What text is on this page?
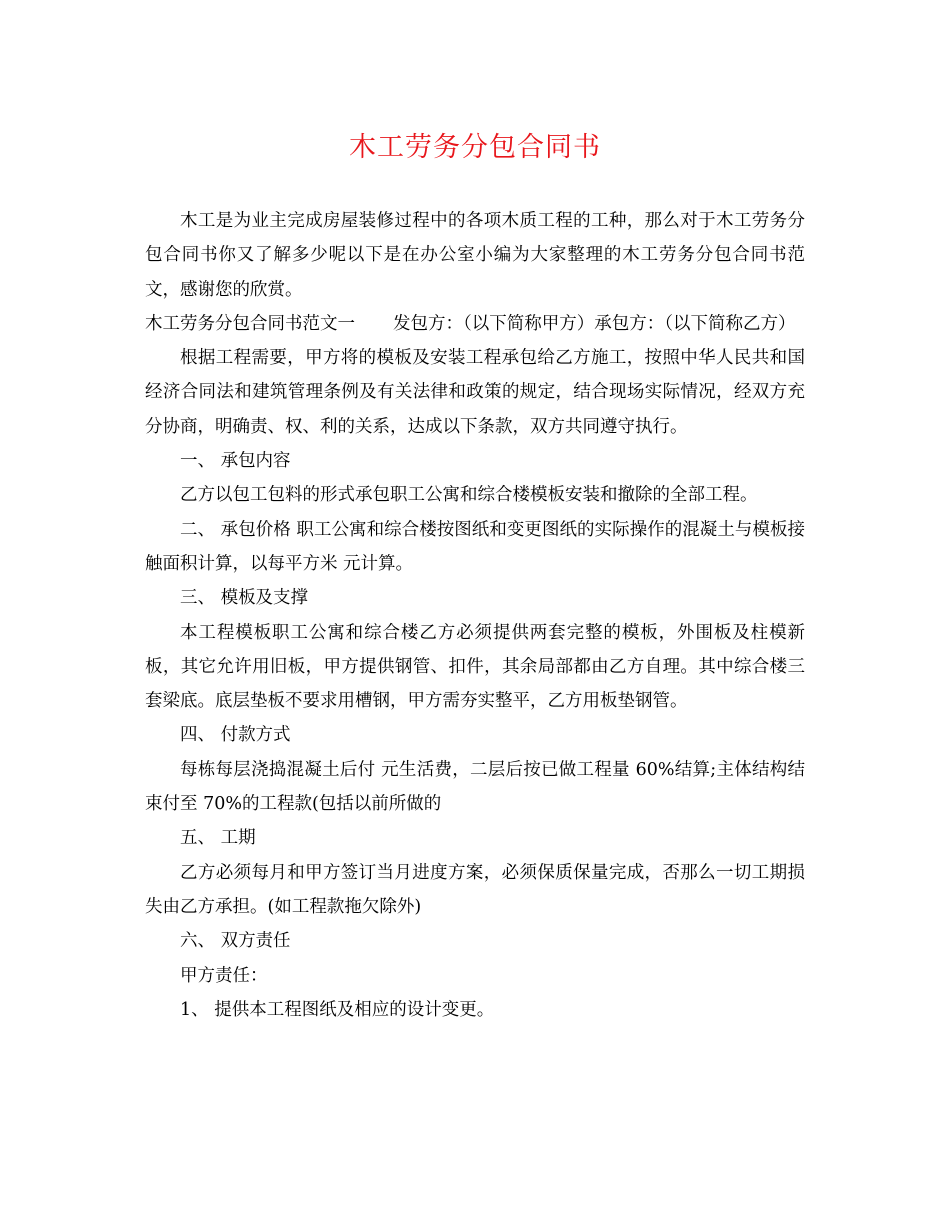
木工劳务分包合同书

木工是为业主完成房屋装修过程中的各项木质工程的工种，那么对于木工劳务分包合同书你又了解多少呢以下是在办公室小编为大家整理的木工劳务分包合同书范文，感谢您的欣赏。

木工劳务分包合同书范文一 发包方：（以下简称甲方）承包方：（以下简称乙方）

根据工程需要，甲方将的模板及安装工程承包给乙方施工，按照中华人民共和国经济合同法和建筑管理条例及有关法律和政策的规定，结合现场实际情况，经双方充分协商，明确责、权、利的关系，达成以下条款，双方共同遵守执行。

一、 承包内容

乙方以包工包料的形式承包职工公寓和综合楼模板安装和撤除的全部工程。

二、 承包价格 职工公寓和综合楼按图纸和变更图纸的实际操作的混凝土与模板接触面积计算，以每平方米 元计算。

三、 模板及支撑

本工程模板职工公寓和综合楼乙方必须提供两套完整的模板，外围板及柱模新板，其它允许用旧板，甲方提供钢管、扣件，其余局部都由乙方自理。其中综合楼三套梁底。底层垫板不要求用槽钢，甲方需夯实整平，乙方用板垫钢管。

四、 付款方式

每栋每层浇捣混凝土后付 元生活费，二层后按已做工程量 60%结算;主体结构结束付至 70%的工程款(包括以前所做的

五、 工期

乙方必须每月和甲方签订当月进度方案，必须保质保量完成，否那么一切工期损失由乙方承担。(如工程款拖欠除外)

六、 双方责任

甲方责任：

1、 提供本工程图纸及相应的设计变更。
